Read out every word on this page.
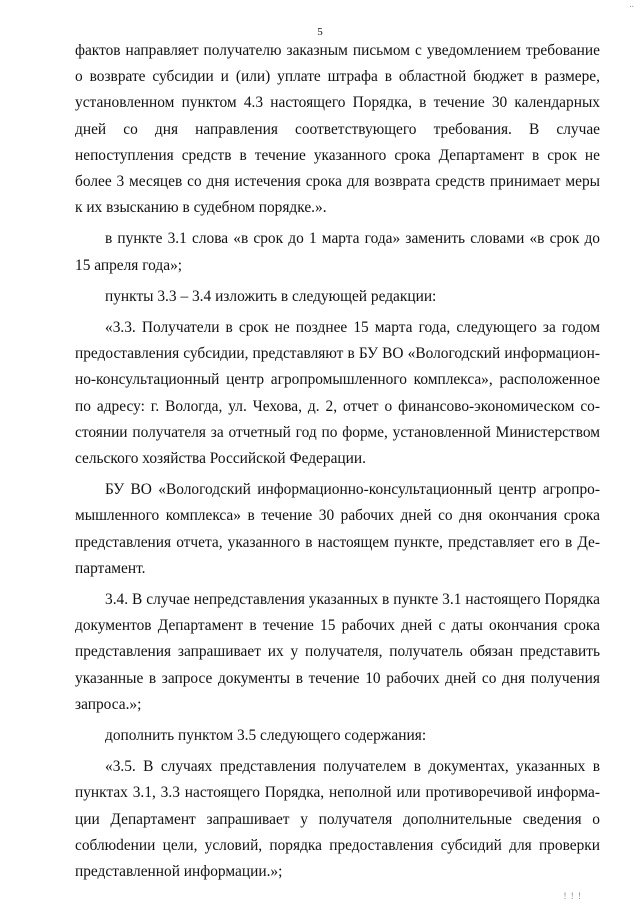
..
5

фактов направляет получателю заказным письмом с уведомлением требование о возврате субсидии и (или) уплате штрафа в областной бюджет в размере, установленном пунктом 4.3 настоящего Порядка, в течение 30 календарных дней со дня направления соответствующего требования. В случае непоступления средств в течение указанного срока Департамент в срок не более 3 месяцев со дня истечения срока для возврата средств принимает меры к их взысканию в судебном порядке.».

в пункте 3.1 слова «в срок до 1 марта года» заменить словами «в срок до 15 апреля года»;

пункты 3.3 – 3.4 изложить в следующей редакции:

«3.3. Получатели в срок не позднее 15 марта года, следующего за годом предоставления субсидии, представляют в БУ ВО «Вологодский информационно-консультационный центр агропромышленного комплекса», расположенное по адресу: г. Вологда, ул. Чехова, д. 2, отчет о финансово-экономическом состоянии получателя за отчетный год по форме, установленной Министерством сельского хозяйства Российской Федерации.

БУ ВО «Вологодский информационно-консультационный центр агропромышленного комплекса» в течение 30 рабочих дней со дня окончания срока представления отчета, указанного в настоящем пункте, представляет его в Департамент.

3.4. В случае непредставления указанных в пункте 3.1 настоящего Порядка документов Департамент в течение 15 рабочих дней с даты окончания срока представления запрашивает их у получателя, получатель обязан представить указанные в запросе документы в течение 10 рабочих дней со дня получения запроса.»;

дополнить пунктом 3.5 следующего содержания:

«3.5. В случаях представления получателем в документах, указанных в пунктах 3.1, 3.3 настоящего Порядка, неполной или противоречивой информации Департамент запрашивает у получателя дополнительные сведения о соблюdении цели, условий, порядка предоставления субсидий для проверки представленной информации.»;

! ! !
